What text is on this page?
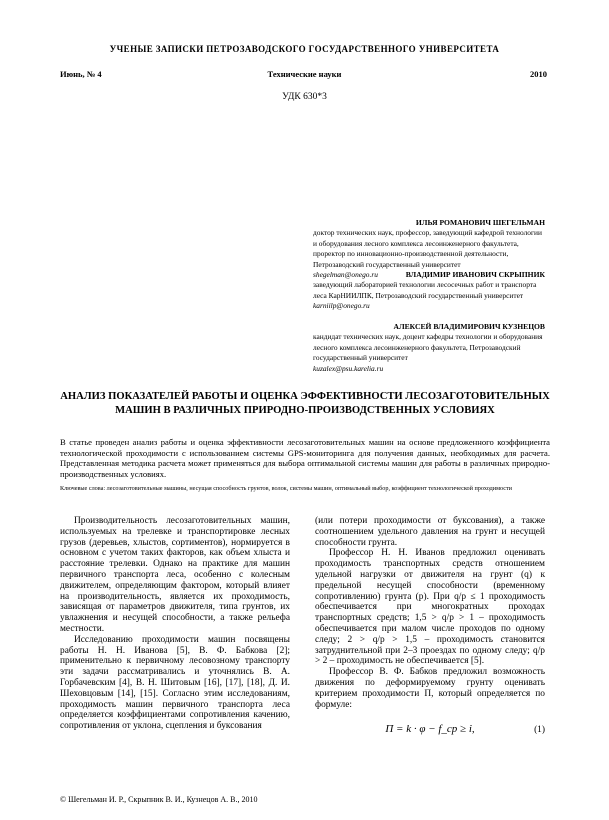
УЧЕНЫЕ ЗАПИСКИ ПЕТРОЗАВОДСКОГО ГОСУДАРСТВЕННОГО УНИВЕРСИТЕТА
Июнь, № 4	Технические науки	2010
УДК 630*3
ИЛЬЯ РОМАНОВИЧ ШЕГЕЛЬМАН
доктор технических наук, профессор, заведующий кафедрой технологии и оборудования лесного комплекса лесоинженерного факультета, проректор по инновационно-производственной деятельности, Петрозаводский государственный университет
shegelman@onego.ru	ВЛАДИМИР ИВАНОВИЧ СКРЫПНИК
заведующий лабораторией технологии лесосечных работ и транспорта леса КарНИИЛПК, Петрозаводский государственный университет
karniilp@onego.ru
АЛЕКСЕЙ ВЛАДИМИРОВИЧ КУЗНЕЦОВ
кандидат технических наук, доцент кафедры технологии и оборудования лесного комплекса лесоинженерного факультета, Петрозаводский государственный университет
kuzalex@psu.karelia.ru
АНАЛИЗ ПОКАЗАТЕЛЕЙ РАБОТЫ И ОЦЕНКА ЭФФЕКТИВНОСТИ ЛЕСОЗАГОТОВИТЕЛЬНЫХ МАШИН В РАЗЛИЧНЫХ ПРИРОДНО-ПРОИЗВОДСТВЕННЫХ УСЛОВИЯХ
В статье проведен анализ работы и оценка эффективности лесозаготовительных машин на основе предложенного коэффициента технологической проходимости с использованием системы GPS-мониторинга для получения данных, необходимых для расчета. Представленная методика расчета может применяться для выбора оптимальной системы машин для работы в различных природно-производственных условиях.
Ключевые слова: лесозаготовительные машины, несущая способность грунтов, волок, системы машин, оптимальный выбор, коэффициент технологической проходимости

Производительность лесозаготовительных машин, используемых на трелевке и транспортировке лесных грузов (деревьев, хлыстов, сортиментов), нормируется в основном с учетом таких факторов, как объем хлыста и расстояние трелевки. Однако на практике для машин первичного транспорта леса, особенно с колесным движителем, определяющим фактором, который влияет на производительность, является их проходимость, зависящая от параметров движителя, типа грунтов, их увлажнения и несущей способности, а также рельефа местности.

Исследованию проходимости машин посвящены работы Н. Н. Иванова [5], В. Ф. Бабкова [2]; применительно к первичному лесовозному транспорту эти задачи рассматривались и уточнялись В. А. Горбачевским [4], В. Н. Шитовым [16], [17], [18], Д. И. Шеховцовым [14], [15]. Согласно этим исследованиям, проходимость машин первичного транспорта леса определяется коэффициентами сопротивления качению, сопротивления от уклона, сцепления и буксования

(или потери проходимости от буксования), а также соотношением удельного давления на грунт и несущей способности грунта.

Профессор Н. Н. Иванов предложил оценивать проходимость транспортных средств отношением удельной нагрузки от движителя на грунт (q) к предельной несущей способности (временному сопротивлению) грунта (p). При q/p ≤ 1 проходимость обеспечивается при многократных проходах транспортных средств; 1,5 > q/p > 1 – проходимость обеспечивается при малом числе проходов по одному следу; 2 > q/p > 1,5 – проходимость становится затруднительной при 2–3 проездах по одному следу; q/p > 2 – проходимость не обеспечивается [5].

Профессор В. Ф. Бабков предложил возможность движения по деформируемому грунту оценивать критерием проходимости П, который определяется по формуле:

П = k · φ − f_cp ≥ i,	(1)
© Шегельман И. Р., Скрыпник В. И., Кузнецов А. В., 2010
